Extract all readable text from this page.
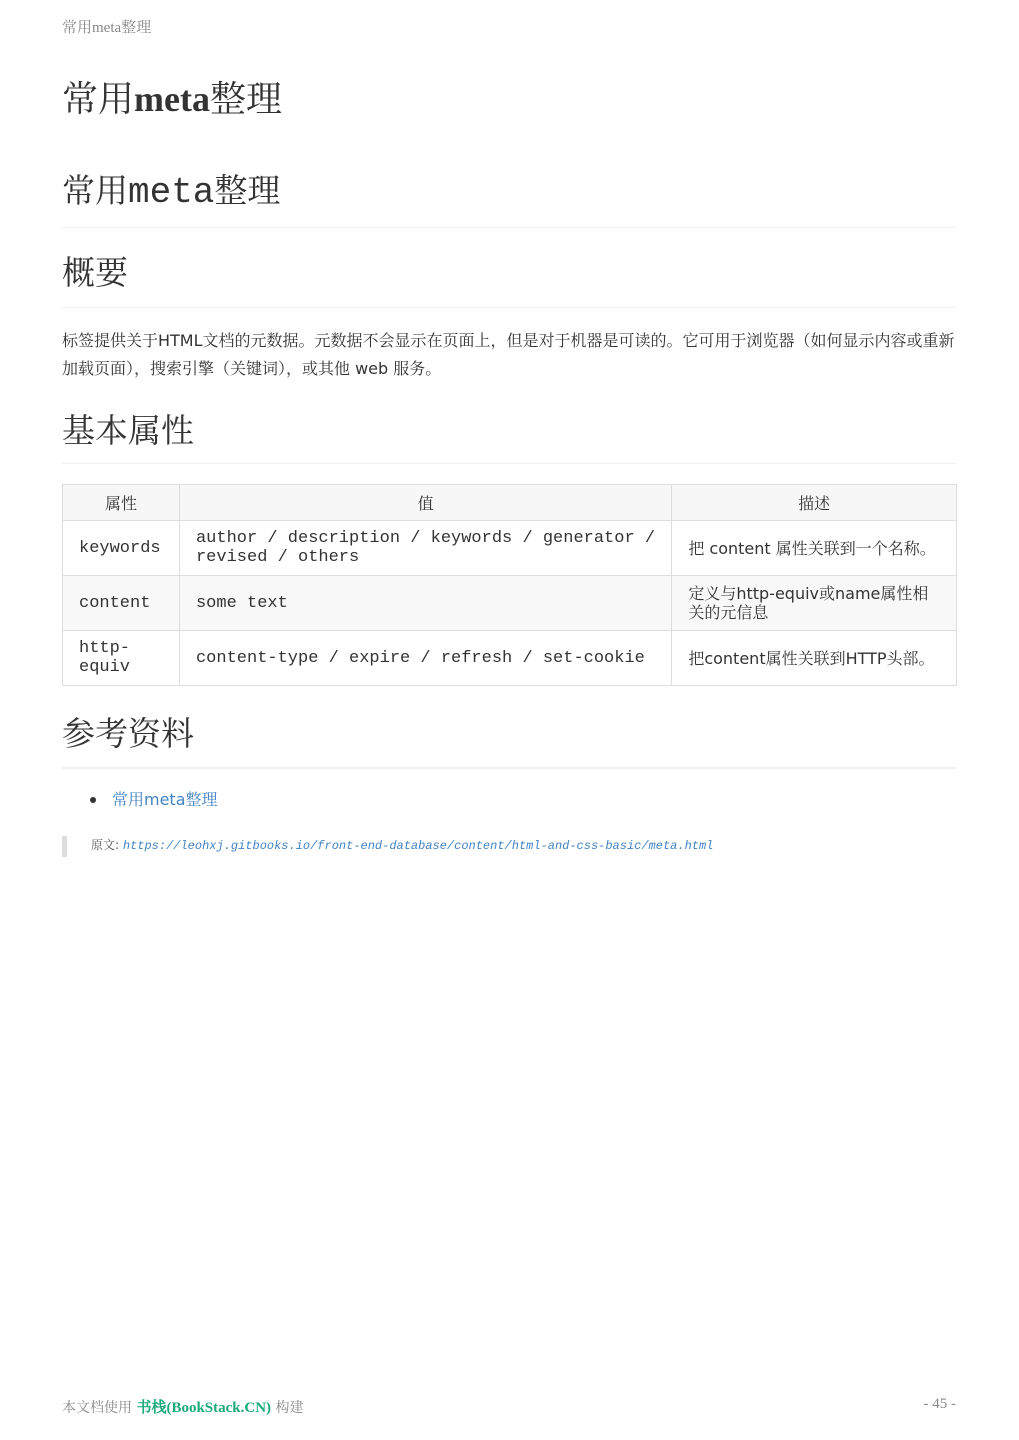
常用meta整理
常用meta整理
常用meta整理
概要

标签提供关于HTML文档的元数据。元数据不会显示在页面上，但是对于机器是可读的。它可用于浏览器（如何显示内容或重新加载页面），搜索引擎（关键词），或其他 web 服务。

基本属性
属性	值	描述
keywords	author / description / keywords / generator / revised / others	把 content 属性关联到一个名称。
content	some text	定义与http-equiv或name属性相关的元信息
http-equiv	content-type / expire / refresh / set-cookie	把content属性关联到HTTP头部。
参考资料
常用meta整理
原文: https://leohxj.gitbooks.io/front-end-database/content/html-and-css-basic/meta.html
本文档使用 书栈(BookStack.CN) 构建	- 45 -
